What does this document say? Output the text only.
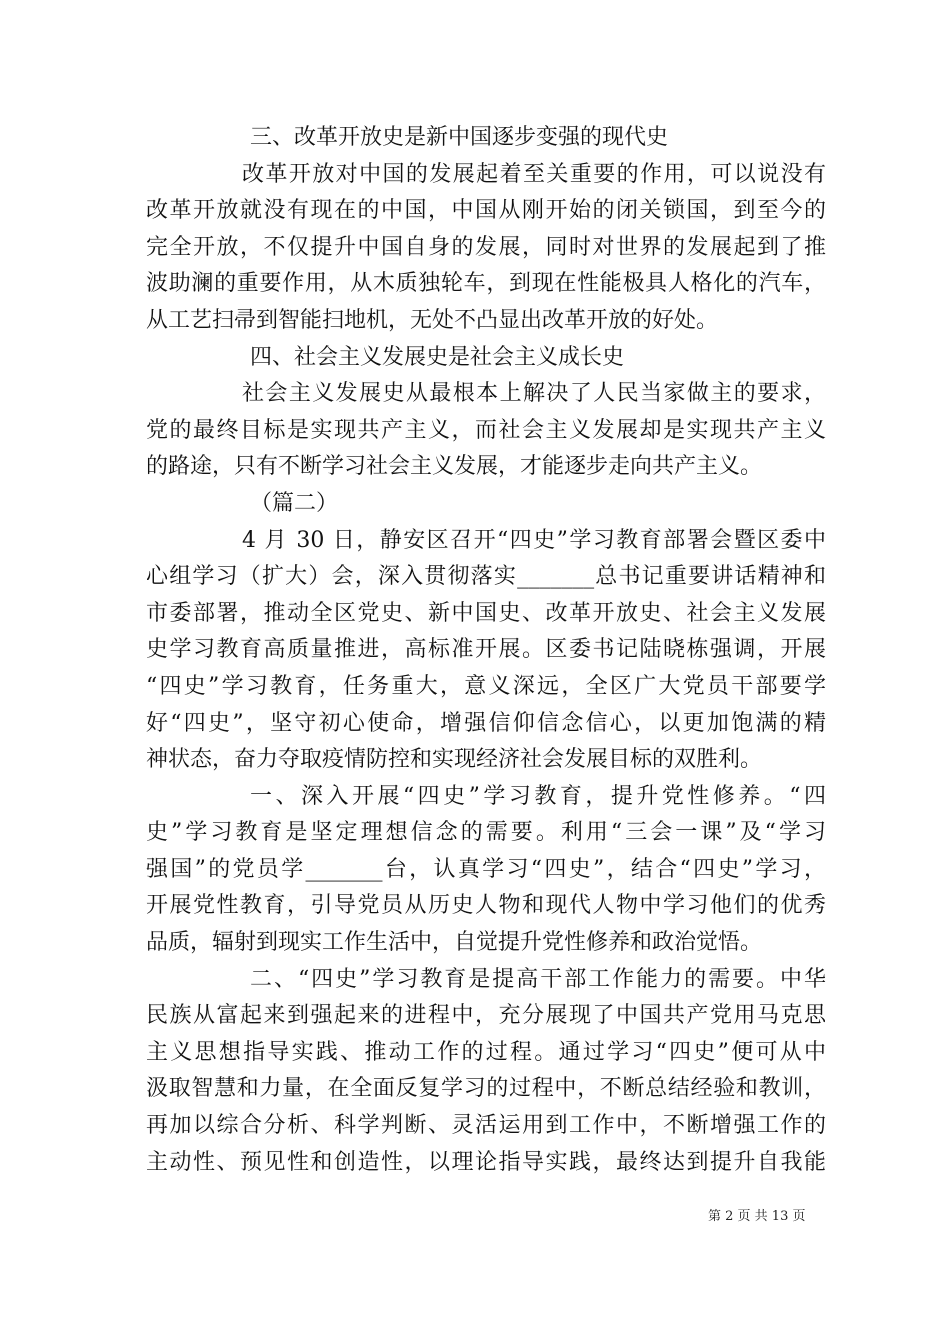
三、改革开放史是新中国逐步变强的现代史
改革开放对中国的发展起着至关重要的作用，可以说没有
改革开放就没有现在的中国，中国从刚开始的闭关锁国，到至今的
完全开放，不仅提升中国自身的发展，同时对世界的发展起到了推
波助澜的重要作用，从木质独轮车，到现在性能极具人格化的汽车，
从工艺扫帚到智能扫地机，无处不凸显出改革开放的好处。
四、社会主义发展史是社会主义成长史
社会主义发展史从最根本上解决了人民当家做主的要求，
党的最终目标是实现共产主义，而社会主义发展却是实现共产主义
的路途，只有不断学习社会主义发展，才能逐步走向共产主义。
（篇二）
4 月 30 日，静安区召开“四史”学习教育部署会暨区委中
心组学习（扩大）会，深入贯彻落实_______总书记重要讲话精神和
市委部署，推动全区党史、新中国史、改革开放史、社会主义发展
史学习教育高质量推进，高标准开展。区委书记陆晓栋强调，开展
“四史”学习教育，任务重大，意义深远，全区广大党员干部要学
好“四史”，坚守初心使命，增强信仰信念信心，以更加饱满的精
神状态，奋力夺取疫情防控和实现经济社会发展目标的双胜利。
一、深入开展“四史”学习教育，提升党性修养。“四
史”学习教育是坚定理想信念的需要。利用“三会一课”及“学习
强国”的党员学_______台，认真学习“四史”，结合“四史”学习，
开展党性教育，引导党员从历史人物和现代人物中学习他们的优秀
品质，辐射到现实工作生活中，自觉提升党性修养和政治觉悟。
二、“四史”学习教育是提高干部工作能力的需要。中华
民族从富起来到强起来的进程中，充分展现了中国共产党用马克思
主义思想指导实践、推动工作的过程。通过学习“四史”便可从中
汲取智慧和力量，在全面反复学习的过程中，不断总结经验和教训，
再加以综合分析、科学判断、灵活运用到工作中，不断增强工作的
主动性、预见性和创造性，以理论指导实践，最终达到提升自我能
第 2 页 共 13 页
